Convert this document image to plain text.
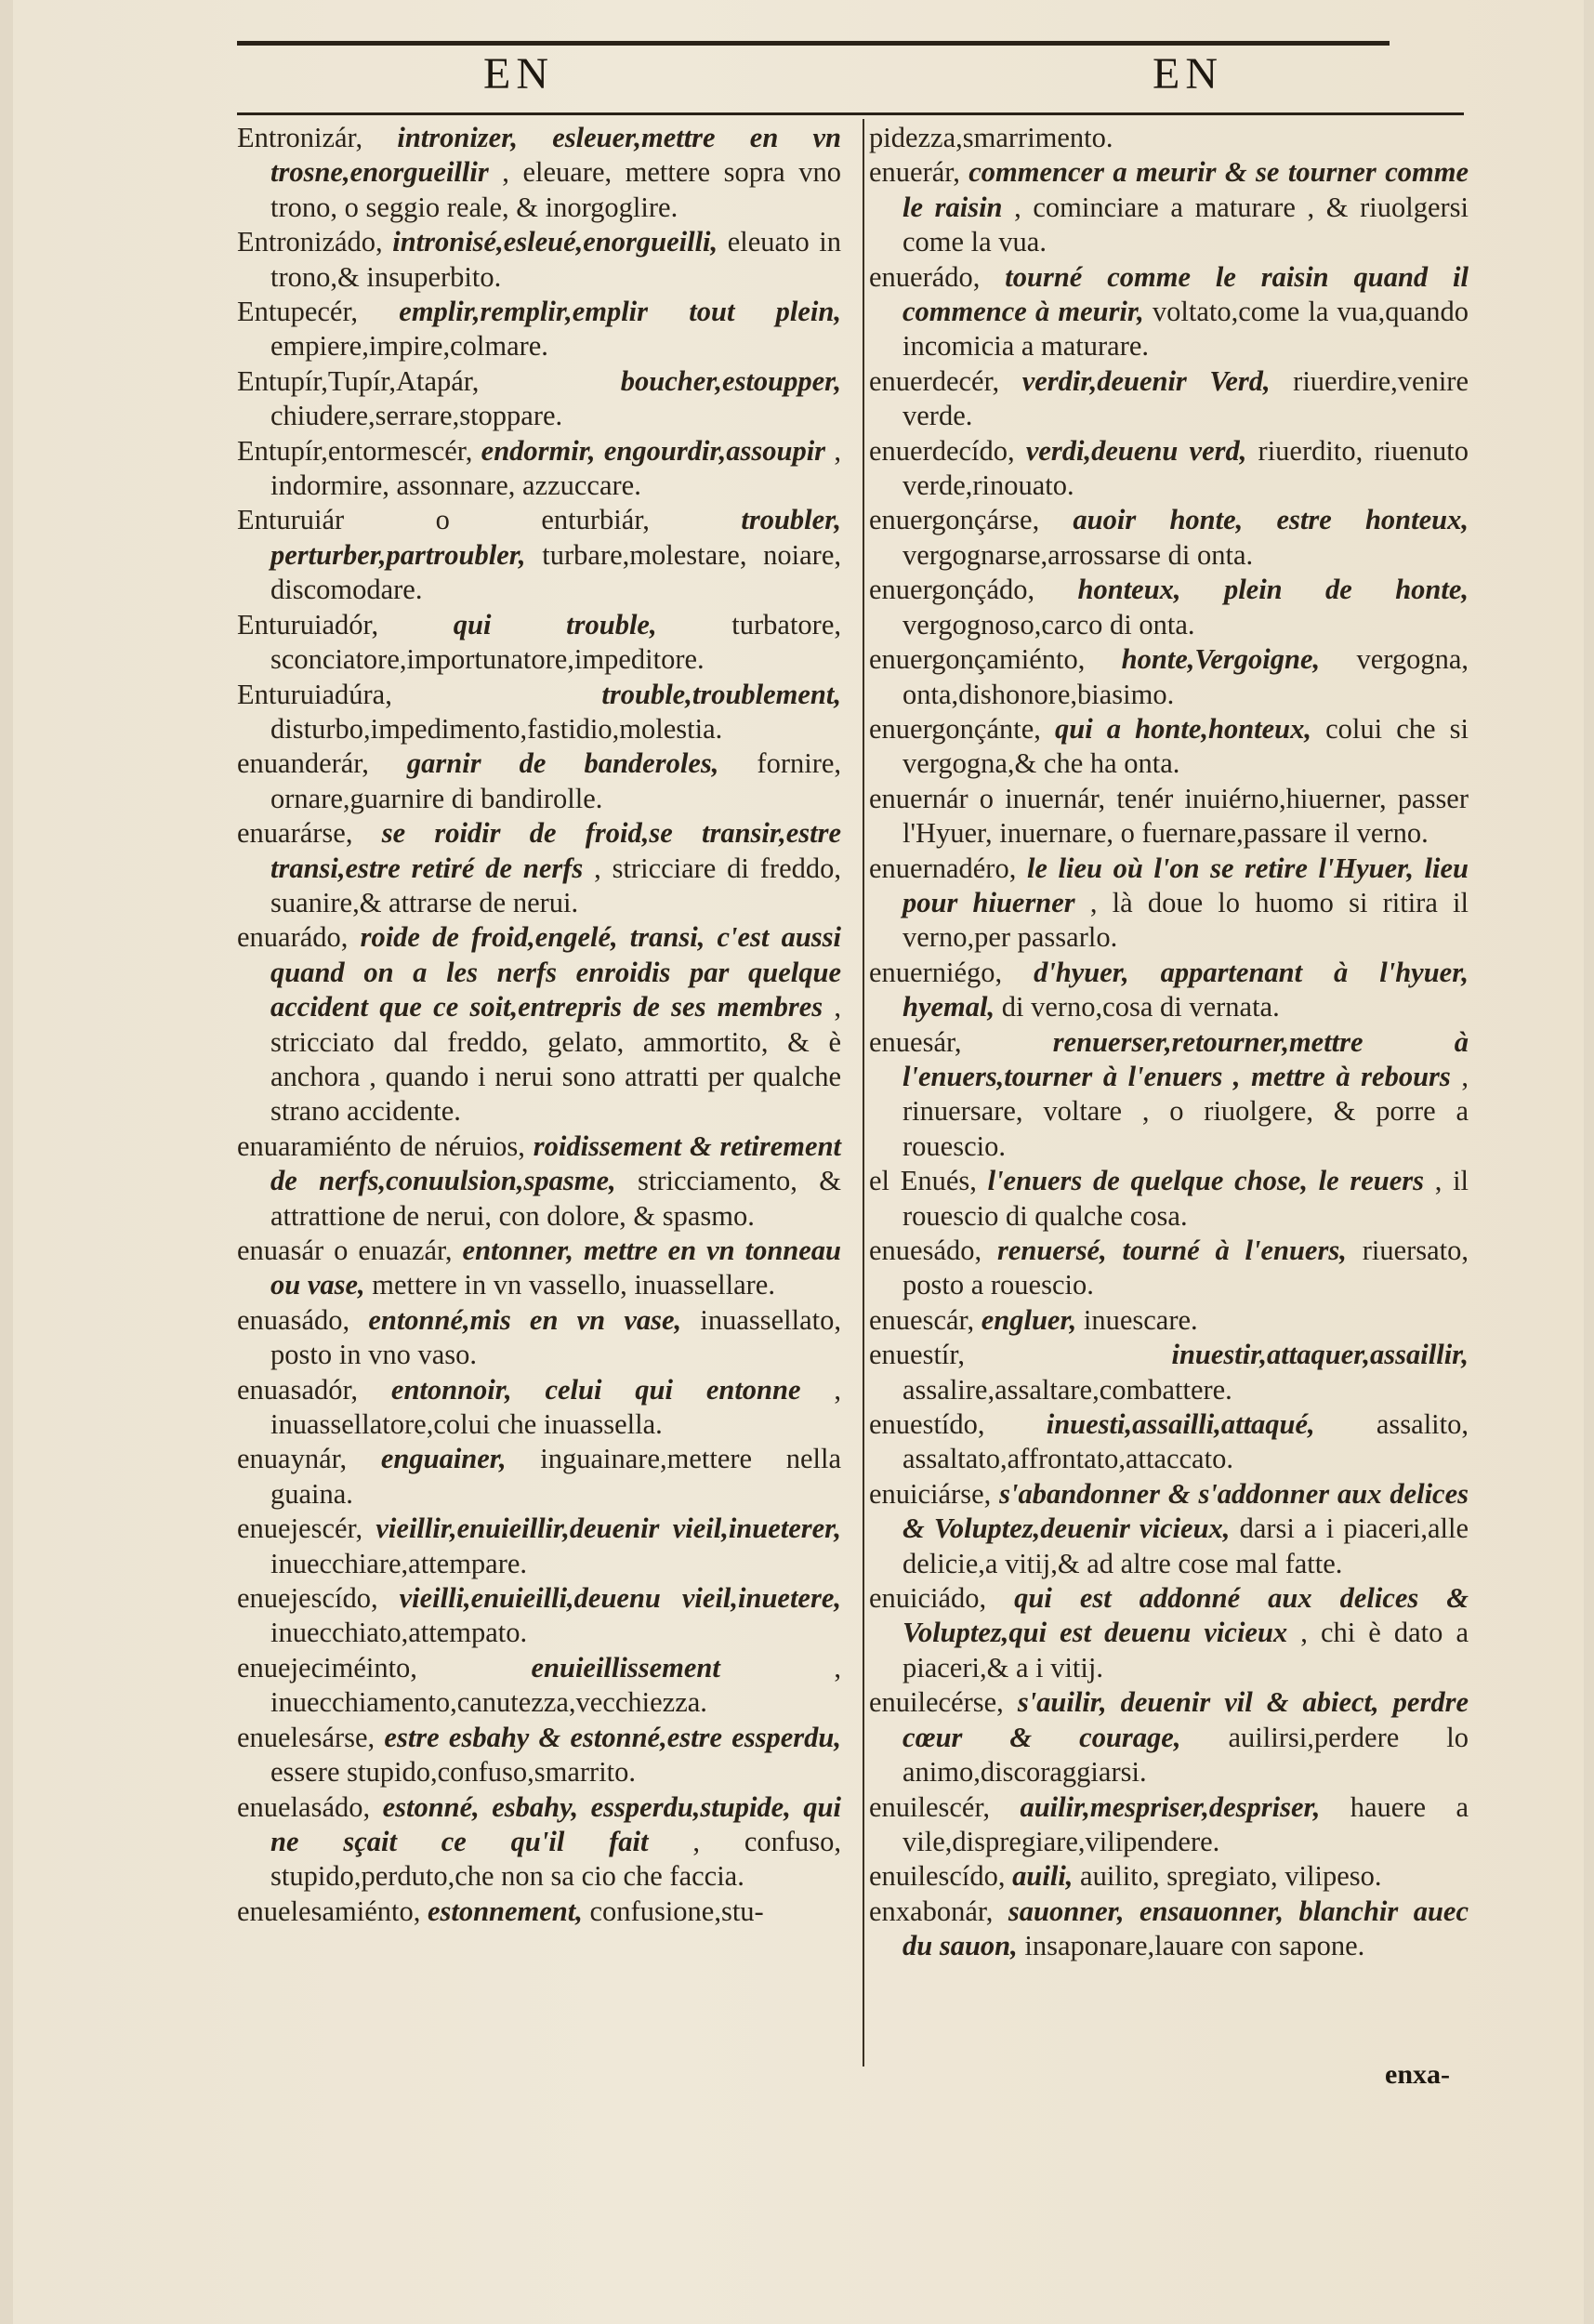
EN	EN

Entronizár, intronizer, esleuer,mettre en vn trosne,enorgueillir , eleuare, mettere sopra vno trono, o seggio reale, & inorgoglire.

Entronizádo, intronisé,esleué,enorgueilli, eleuato in trono,& insuperbito.

Entupecér, emplir,remplir,emplir tout plein, empiere,impire,colmare.

Entupír,Tupír,Atapár,	boucher,estoupper, chiudere,serrare,stoppare.

Entupír,entormescér, endormir, engourdir,assoupir , indormire, assonnare, azzuccare.

Enturuiár o enturbiár,	troubler, perturber,partroubler, turbare,molestare, noiare, discomodare.

Enturuiadór,	qui trouble,	turbatore, sconciatore,importunatore,impeditore.

Enturuiadúra,	trouble,troublement, disturbo,impedimento,fastidio,molestia.

enuanderár, garnir de banderoles, fornire, ornare,guarnire di bandirolle.

enuarárse, se roidir de froid,se transir,estre transi,estre retiré de nerfs , stricciare di freddo, suanire,& attrarse de nerui.

enuarádo, roide de froid,engelé, transi, c'est aussi quand on a les nerfs enroidis par quelque accident que ce soit,entrepris de ses membres , stricciato dal freddo, gelato, ammortito, & è anchora , quando i nerui sono attratti per qualche strano accidente.

enuaramiénto de néruios, roidissement & retirement de nerfs,conuulsion,spasme, stricciamento, & attrattione de nerui, con dolore, & spasmo.

enuasár o enuazár, entonner, mettre en vn tonneau ou vase, mettere in vn vassello, inuassellare.

enuasádo, entonné,mis en vn vase, inuassellato, posto in vno vaso.

enuasadór, entonnoir, celui qui entonne , inuassellatore,colui che inuassella.

enuaynár, enguainer, inguainare,mettere nella guaina.

enuejescér, vieillir,enuieillir,deuenir vieil,inueterer, inuecchiare,attempare.

enuejescído, vieilli,enuieilli,deuenu vieil,inuetere, inuecchiato,attempato.

enuejeciméinto,	enuieillissement	, inuecchiamento,canutezza,vecchiezza.

enuelesárse, estre esbahy & estonné,estre essperdu, essere stupido,confuso,smarrito.

enuelasádo, estonné, esbahy, essperdu,stupide, qui ne sçait ce qu'il fait , confuso, stupido,perduto,che non sa cio che faccia.

enuelesamiénto, estonnement, confusione,stu-

pidezza,smarrimento.

enuerár, commencer a meurir & se tourner comme le raisin , cominciare a maturare , & riuolgersi come la vua.

enuerádo, tourné comme le raisin quand il commence à meurir, voltato,come la vua,quando incomicia a maturare.

enuerdecér, verdir,deuenir Verd, riuerdire,venire verde.

enuerdecído, verdi,deuenu verd, riuerdito, riuenuto verde,rinouato.

enuergonçárse, auoir honte, estre honteux, vergognarse,arrossarse di onta.

enuergonçádo, honteux, plein de honte, vergognoso,carco di onta.

enuergonçamiénto, honte,Vergoigne, vergogna, onta,dishonore,biasimo.

enuergonçánte, qui a honte,honteux, colui che si vergogna,& che ha onta.

enuernár o inuernár, tenér inuiérno,hiuerner, passer l'Hyuer, inuernare, o fuernare,passare il verno.

enuernadéro, le lieu où l'on se retire l'Hyuer, lieu pour hiuerner , là doue lo huomo si ritira il verno,per passarlo.

enuerniégo, d'hyuer, appartenant à l'hyuer, hyemal, di verno,cosa di vernata.

enuesár,	renuerser,retourner,mettre à l'enuers,tourner à l'enuers , mettre à rebours , rinuersare, voltare , o riuolgere, & porre a rouescio.

el Enués, l'enuers de quelque chose, le reuers , il rouescio di qualche cosa.

enuesádo, renuersé, tourné à l'enuers, riuersato, posto a rouescio.

enuescár, engluer, inuescare.

enuestír,	inuestir,attaquer,assaillir, assalire,assaltare,combattere.

enuestído, inuesti,assailli,attaqué, assalito, assaltato,affrontato,attaccato.

enuiciárse, s'abandonner & s'addonner aux delices & Voluptez,deuenir vicieux, darsi a i piaceri,alle delicie,a vitij,& ad altre cose mal fatte.

enuiciádo, qui est addonné aux delices & Voluptez,qui est deuenu vicieux , chi è dato a piaceri,& a i vitij.

enuilecérse, s'auilir, deuenir vil & abiect, perdre cœur & courage, auilirsi,perdere lo animo,discoraggiarsi.

enuilescér, auilir,mespriser,despriser, hauere a vile,dispregiare,vilipendere.

enuilescído, auili, auilito, spregiato, vilipeso.

enxabonár, sauonner, ensauonner, blanchir auec du sauon, insaponare,lauare con sapone.

enxa-
